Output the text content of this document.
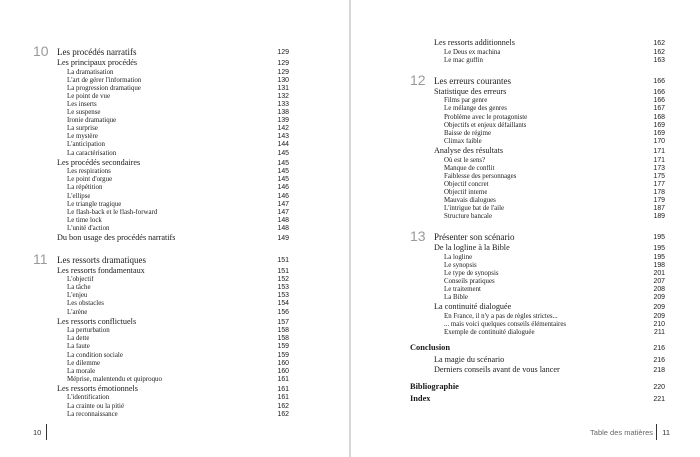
10 Les procédés narratifs	129
Les principaux procédés	129
La dramatisation	129
L'art de gérer l'information	130
La progression dramatique	131
Le point de vue	132
Les inserts	133
Le suspense	138
Ironie dramatique	139
La surprise	142
Le mystère	143
L'anticipation	144
La caractérisation	145
Les procédés secondaires	145
Les respirations	145
Le point d'orgue	145
La répétition	146
L'ellipse	146
Le triangle tragique	147
Le flash-back et le flash-forward	147
Le time lock	148
L'unité d'action	148
Du bon usage des procédés narratifs	149
11	Les ressorts dramatiques	151
Les ressorts fondamentaux	151
L'objectif	152
La tâche	153
L'enjeu	153
Les obstacles	154
L'arène	156
Les ressorts conflictuels	157
La perturbation	158
La dette	158
La faute	159
La condition sociale	159
Le dilemme	160
La morale	160
Méprise, malentendu et quiproquo	161
Les ressorts émotionnels	161
L'identification	161
La crainte ou la pitié	162
La reconnaissance	162
10
Les ressorts additionnels	162
Le Deus ex machina	162
Le mac guffin	163
12 Les erreurs courantes	166
Statistique des erreurs	166
Films par genre	166
Le mélange des genres	167
Problème avec le protagoniste	168
Objectifs et enjeux défaillants	169
Baisse de régime	169
Climax faible	170
Analyse des résultats	171
Où est le sens?	171
Manque de conflit	173
Faiblesse des personnages	175
Objectif concret	177
Objectif interne	178
Mauvais dialogues	179
L'intrigue bat de l'aile	187
Structure bancale	189
13 Présenter son scénario	195
De la logline à la Bible	195
La logline	195
Le synopsis	198
Le type de synopsis	201
Conseils pratiques	207
Le traitement	208
La Bible	209
La continuité dialoguée	209
En France, il n'y a pas de règles strictes...	209
... mais voici quelques conseils élémentaires	210
Exemple de continuité dialoguée	211
Conclusion	216
La magie du scénario	216
Derniers conseils avant de vous lancer	218
Bibliographie	220
Index	221
Table des matières 11
